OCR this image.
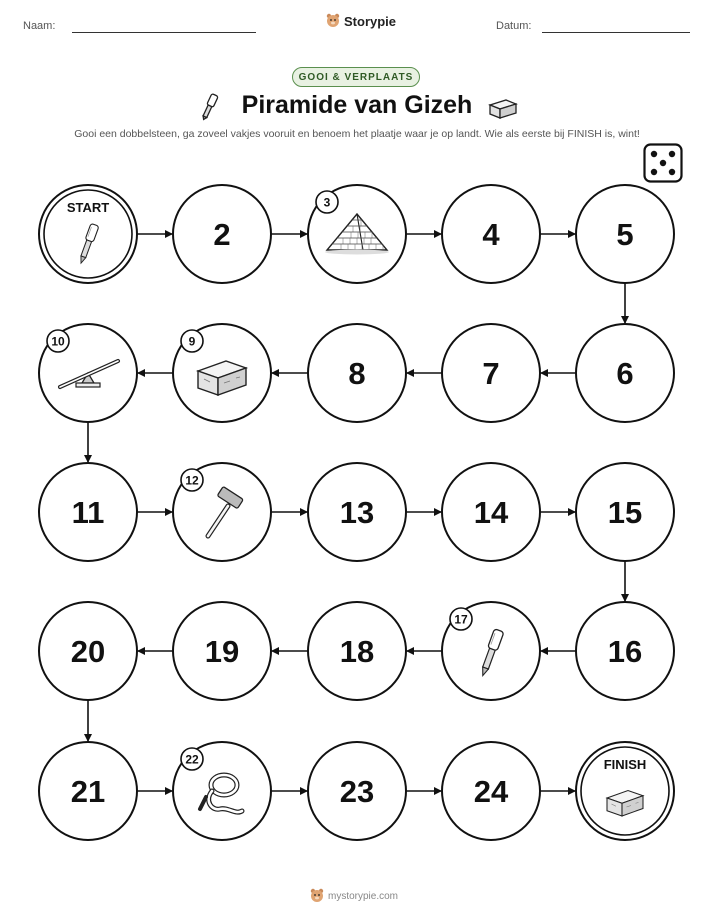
Naam:	Storypie	Datum:
GOOI & VERPLAATS
Piramide van Gizeh
Gooi een dobbelsteen, ga zoveel vakjes vooruit en benoem het plaatje waar je op landt. Wie als eerste bij FINISH is, wint!
START
2
3
4	5
6
7
8
9
10
11
12
13	14	15
16
17
18
19
20
21
22
23	24
FINISH
mystorypie.com
